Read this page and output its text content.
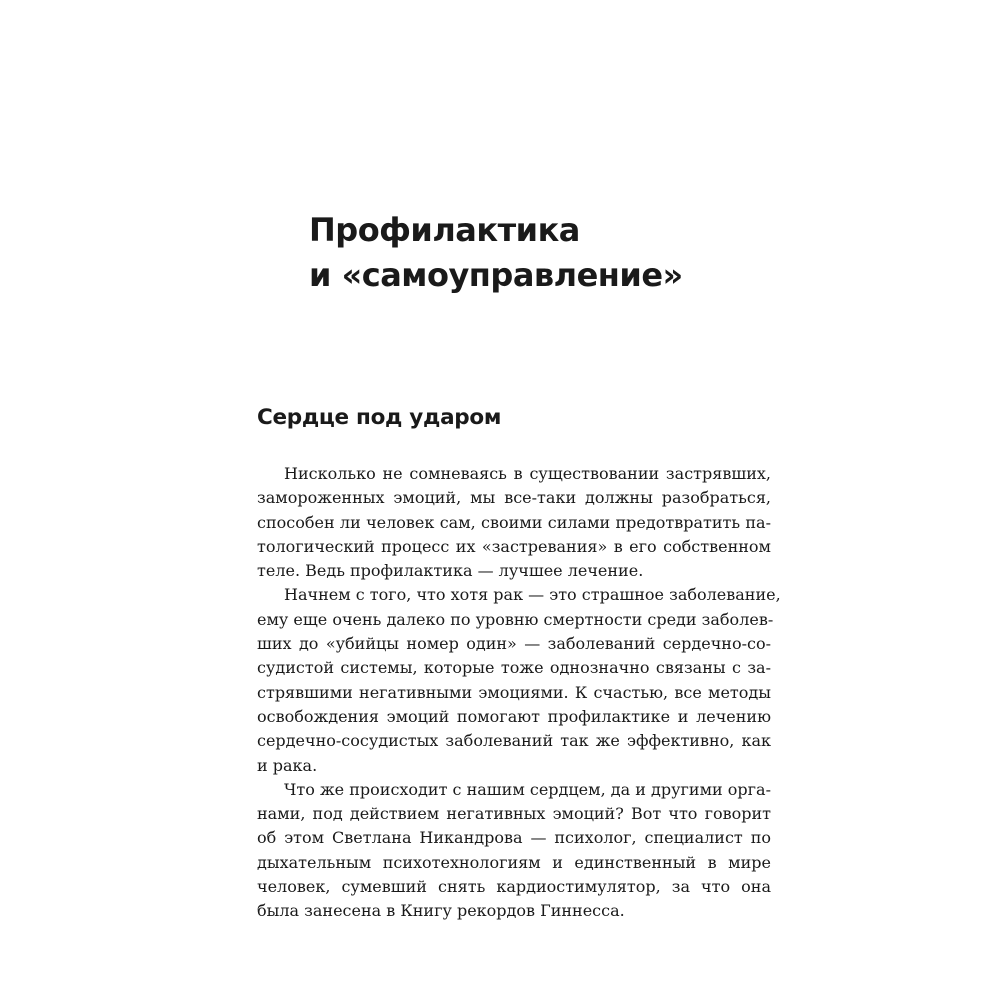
Профилактика
и «самоуправление»
Сердце под ударом
Нисколько не сомневаясь в существовании застрявших,
замороженных эмоций, мы все-таки должны разобраться,
способен ли человек сам, своими силами предотвратить па-
тологический процесс их «застревания» в его собственном
теле. Ведь профилактика — лучшее лечение.
Начнем с того, что хотя рак — это страшное заболевание,
ему еще очень далеко по уровню смертности среди заболев-
ших до «убийцы номер один» — заболеваний сердечно-со-
судистой системы, которые тоже однозначно связаны с за-
стрявшими негативными эмоциями. К счастью, все методы
освобождения эмоций помогают профилактике и лечению
сердечно-сосудистых заболеваний так же эффективно, как
и рака.
Что же происходит с нашим сердцем, да и другими орга-
нами, под действием негативных эмоций? Вот что говорит
об этом Светлана Никандрова — психолог, специалист по
дыхательным психотехнологиям и единственный в мире
человек, сумевший снять кардиостимулятор, за что она
была занесена в Книгу рекордов Гиннесса.
